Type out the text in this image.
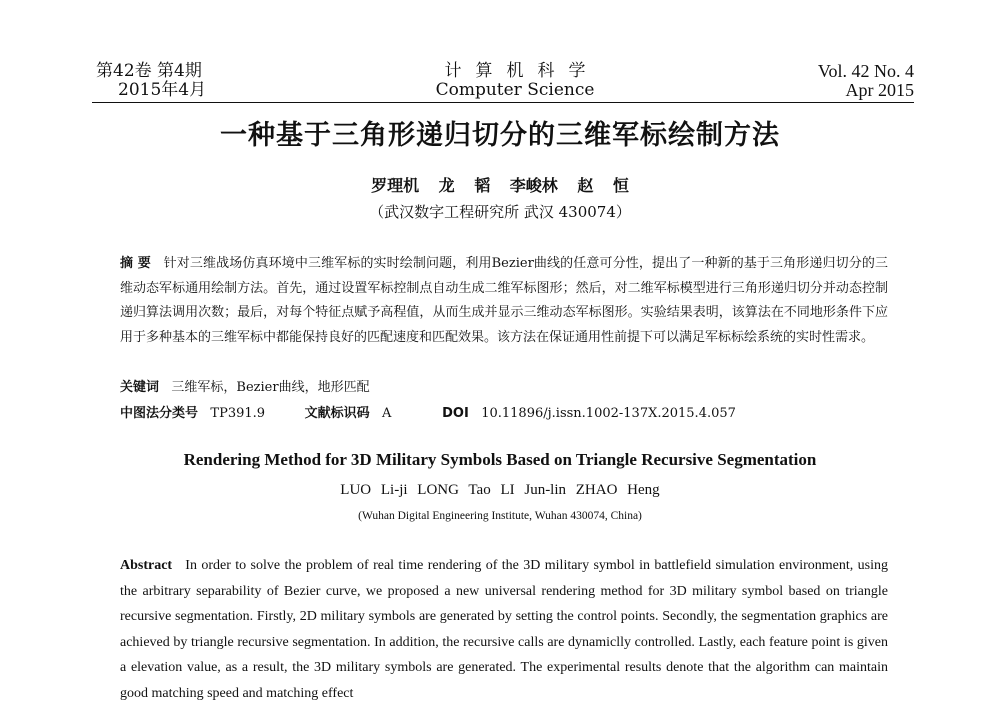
第42卷 第4期
2015年4月
计算机科学
Computer Science
Vol. 42 No. 4
Apr 2015
一种基于三角形递归切分的三维军标绘制方法
罗理机 龙 韬 李峻林 赵 恒
（武汉数字工程研究所 武汉 430074）
摘 要 针对三维战场仿真环境中三维军标的实时绘制问题，利用Bezier曲线的任意可分性，提出了一种新的基于三角形递归切分的三维动态军标通用绘制方法。首先，通过设置军标控制点自动生成二维军标图形；然后，对二维军标模型进行三角形递归切分并动态控制递归算法调用次数；最后，对每个特征点赋予高程值，从而生成并显示三维动态军标图形。实验结果表明，该算法在不同地形条件下应用于多种基本的三维军标中都能保持良好的匹配速度和匹配效果。该方法在保证通用性前提下可以满足军标标绘系统的实时性需求。
关键词 三维军标，Bezier曲线，地形匹配
中图法分类号 TP391.9	文献标识码 A	DOI 10.11896/j.issn.1002-137X.2015.4.057
Rendering Method for 3D Military Symbols Based on Triangle Recursive Segmentation
LUO Li-ji LONG Tao LI Jun-lin ZHAO Heng
(Wuhan Digital Engineering Institute, Wuhan 430074, China)
Abstract In order to solve the problem of real time rendering of the 3D military symbol in battlefield simulation environment, using the arbitrary separability of Bezier curve, we proposed a new universal rendering method for 3D military symbol based on triangle recursive segmentation. Firstly, 2D military symbols are generated by setting the control points. Secondly, the segmentation graphics are achieved by triangle recursive segmentation. In addition, the recursive calls are dynamiclly controlled. Lastly, each feature point is given a elevation value, as a result, the 3D military symbols are generated. The experimental results denote that the algorithm can maintain good matching speed and matching effect
